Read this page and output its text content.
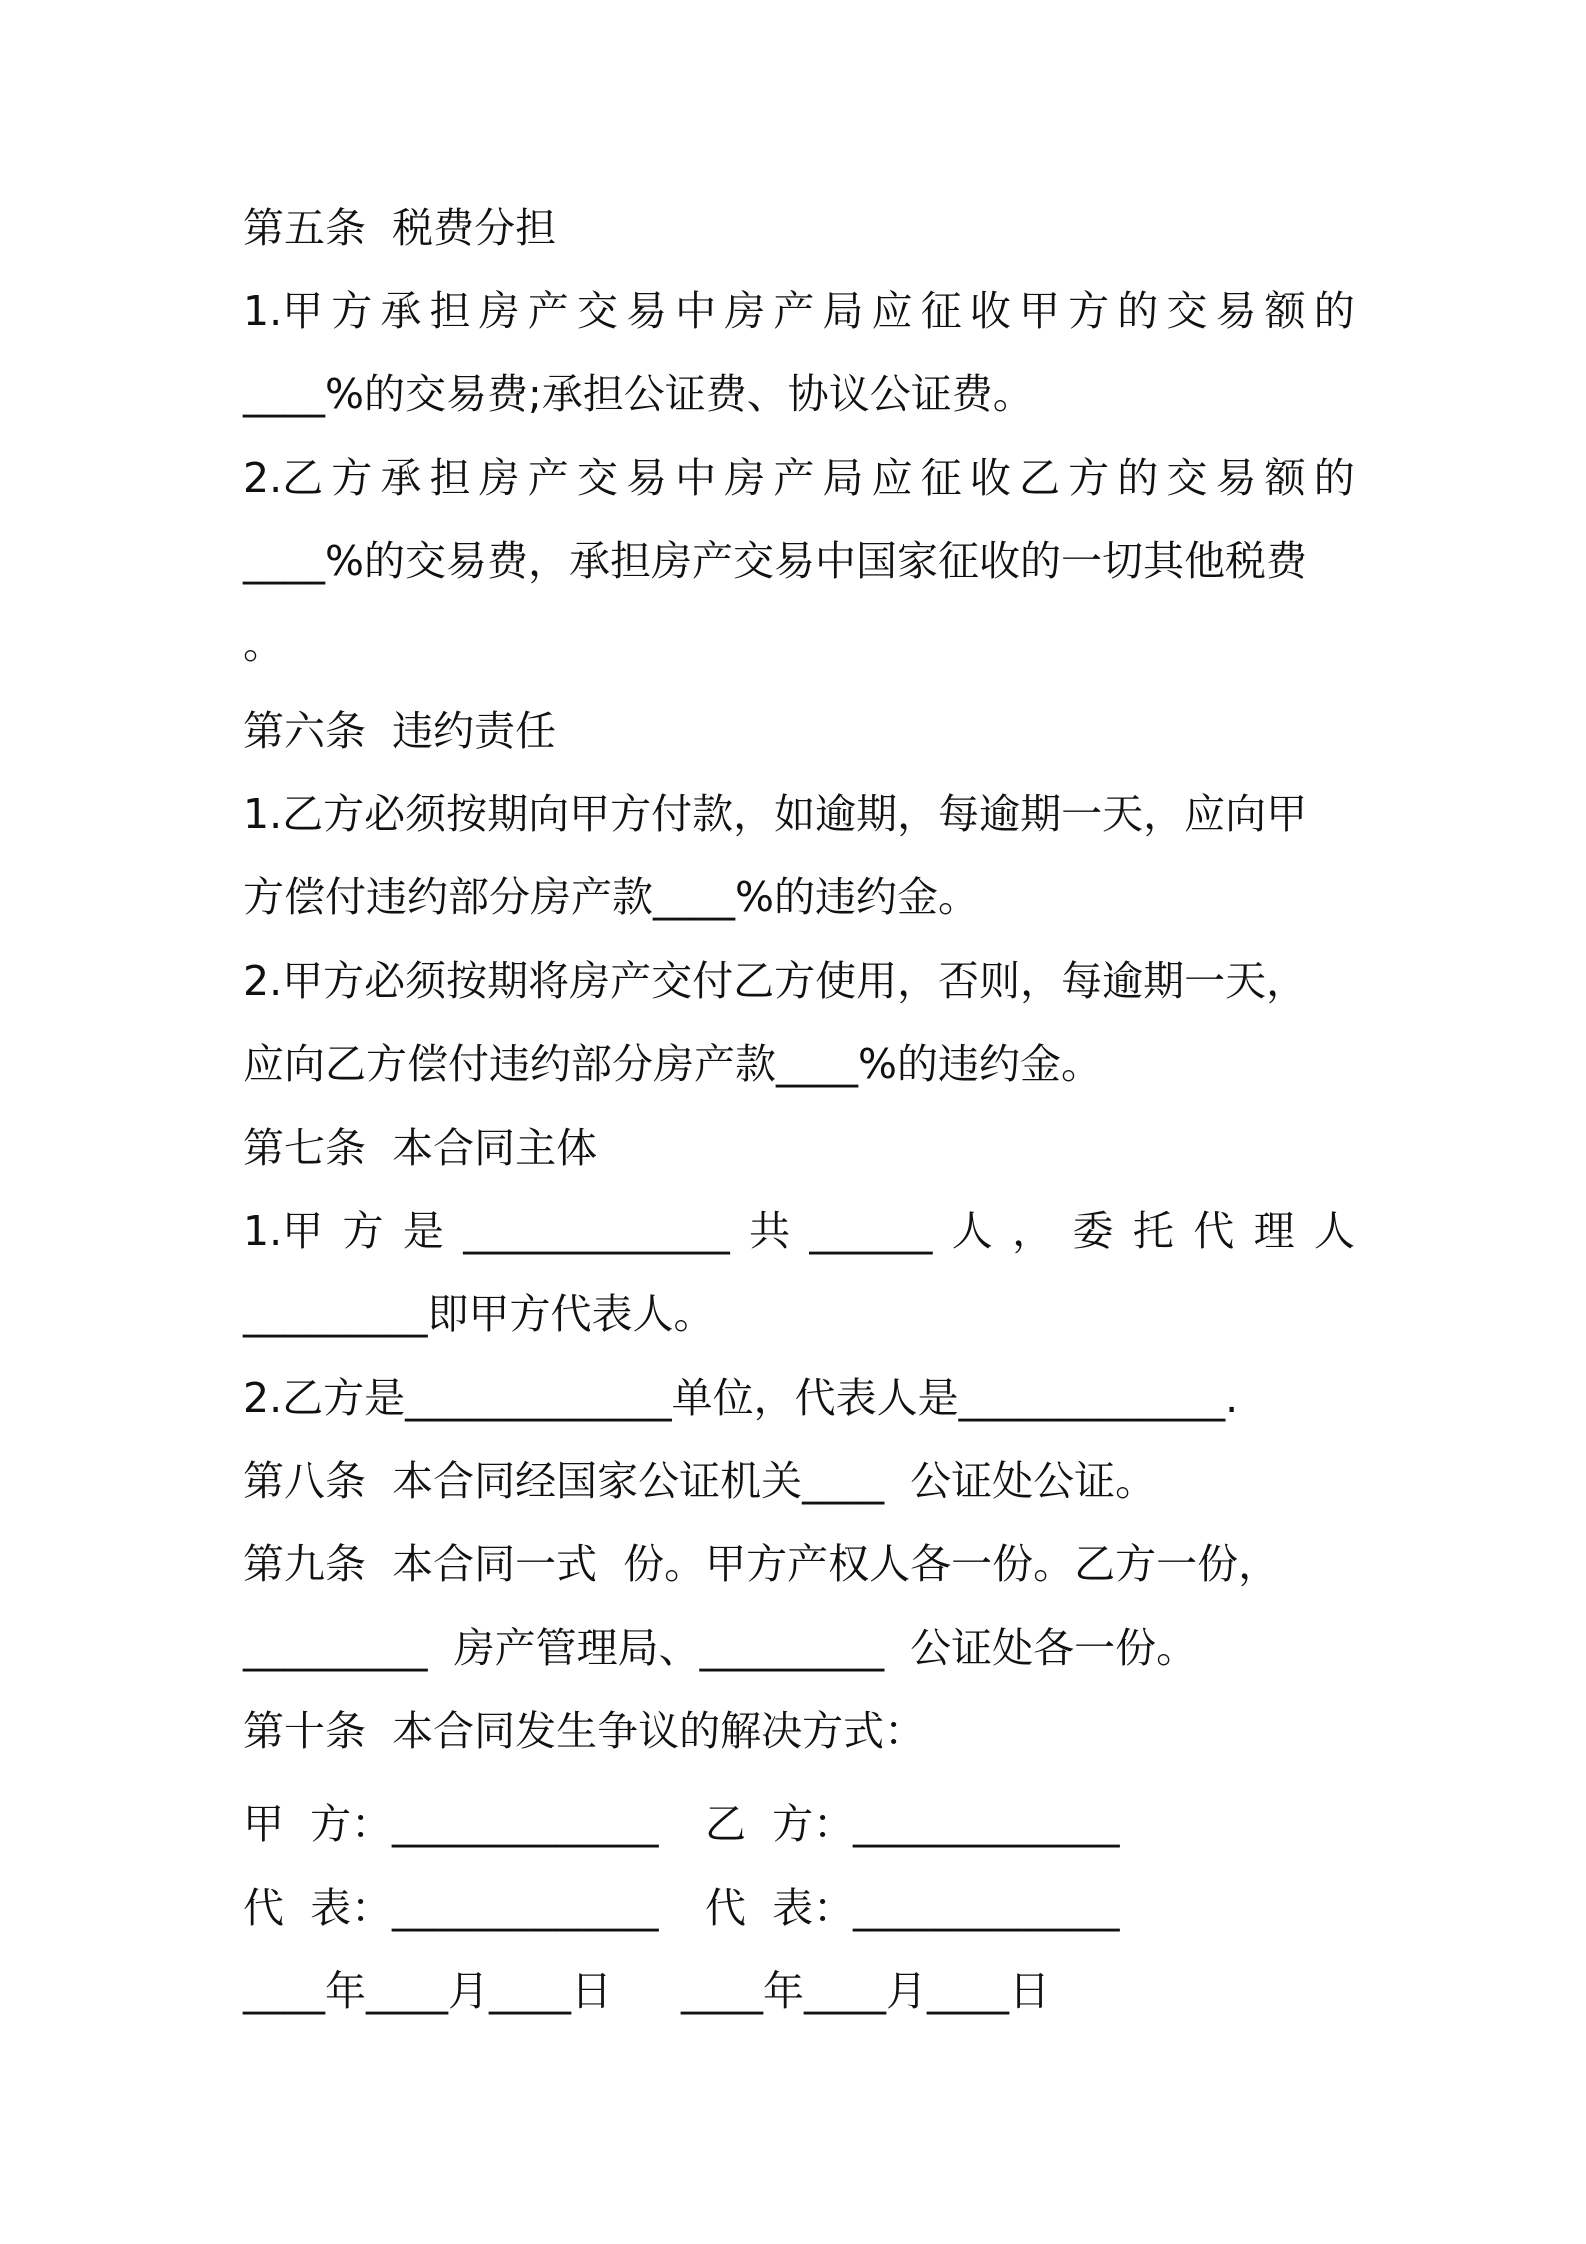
第五条  税费分担
1.甲 方 承 担 房 产 交 易 中 房 产 局 应 征 收 甲 方 的 交 易 额 的
____%的交易费;承担公证费、协议公证费。
2.乙 方 承 担 房 产 交 易 中 房 产 局 应 征 收 乙 方 的 交 易 额 的
____%的交易费，承担房产交易中国家征收的一切其他税费
。
第六条  违约责任
1.乙方必须按期向甲方付款，如逾期，每逾期一天，应向甲
方偿付违约部分房产款____%的违约金。
2.甲方必须按期将房产交付乙方使用，否则，每逾期一天，
应向乙方偿付违约部分房产款____%的违约金。
第七条  本合同主体
1.甲 方 是 _____________ 共 ______ 人 ， 委 托 代 理 人
_________即甲方代表人。
2.乙方是_____________单位，代表人是_____________.
第八条  本合同经国家公证机关____  公证处公证。
第九条  本合同一式  份。甲方产权人各一份。乙方一份，
_________  房产管理局、_________  公证处各一份。
第十条  本合同发生争议的解决方式：
甲  方： _____________ 乙  方：
_____________
代  表： _____________ 代  表：
_____________
____年____月____日 ____年____月____日
